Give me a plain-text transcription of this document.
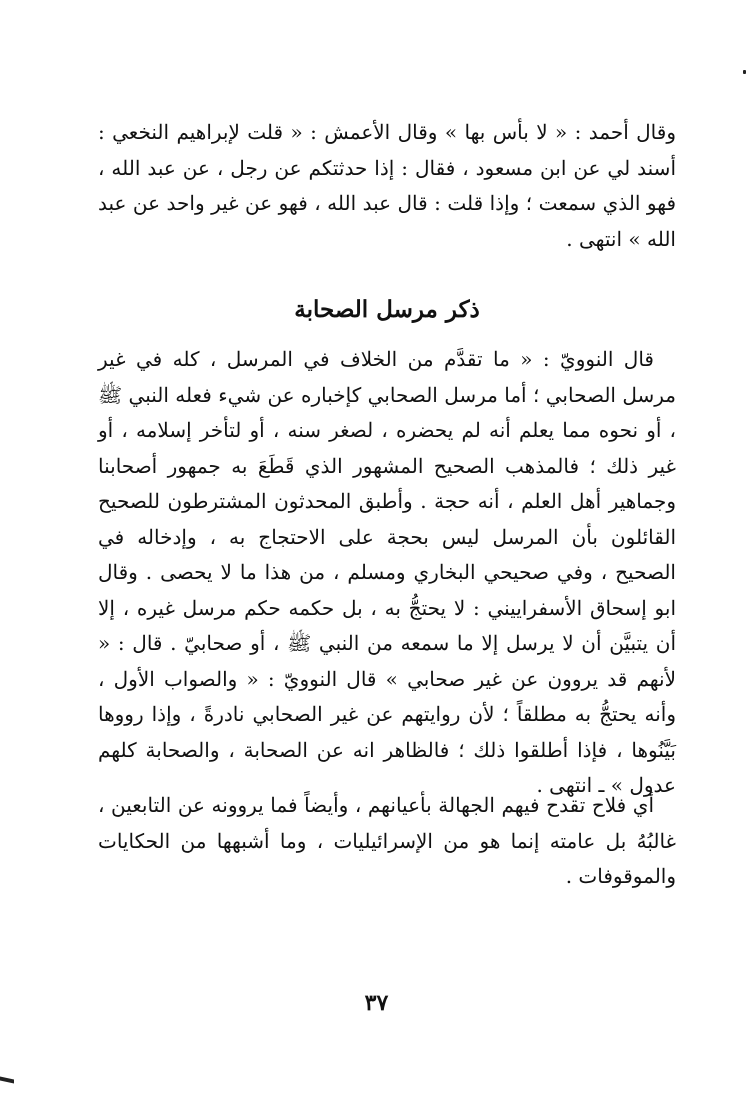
وقال أحمد : « لا بأس بها » وقال الأعمش : « قلت لإبراهيم النخعي : أسند لي عن ابن مسعود ، فقال : إذا حدثتكم عن رجل ، عن عبد الله ، فهو الذي سمعت ؛ وإذا قلت : قال عبد الله ، فهو عن غير واحد عن عبد الله » انتهى .

ذكر مرسل الصحابة

قال النوويّ : « ما تقدَّم من الخلاف في المرسل ، كله في غير مرسل الصحابي ؛ أما مرسل الصحابي كإخباره عن شيء فعله النبي ﷺ ، أو نحوه مما يعلم أنه لم يحضره ، لصغر سنه ، أو لتأخر إسلامه ، أو غير ذلك ؛ فالمذهب الصحيح المشهور الذي قَطَعَ به جمهور أصحابنا وجماهير أهل العلم ، أنه حجة . وأطبق المحدثون المشترطون للصحيح القائلون بأن المرسل ليس بحجة على الاحتجاج به ، وإدخاله في الصحيح ، وفي صحيحي البخاري ومسلم ، من هذا ما لا يحصى . وقال ابو إسحاق الأسفراييني : لا يحتجُّ به ، بل حكمه حكم مرسل غيره ، إلا أن يتبيَّن أن لا يرسل إلا ما سمعه من النبي ﷺ ، أو صحابيّ . قال : « لأنهم قد يروون عن غير صحابي » قال النوويّ : « والصواب الأول ، وأنه يحتجُّ به مطلقاً ؛ لأن روايتهم عن غير الصحابي نادرةً ، وإذا رووها بَيَّنُوها ، فإذا أطلقوا ذلك ؛ فالظاهر انه عن الصحابة ، والصحابة كلهم عدول » ـ انتهى .

أي فلاح تقدح فيهم الجهالة بأعيانهم ، وأيضاً فما يروونه عن التابعين ، غالبُهُ بل عامته إنما هو من الإسرائيليات ، وما أشبهها من الحكايات والموقوفات .

٣٧
